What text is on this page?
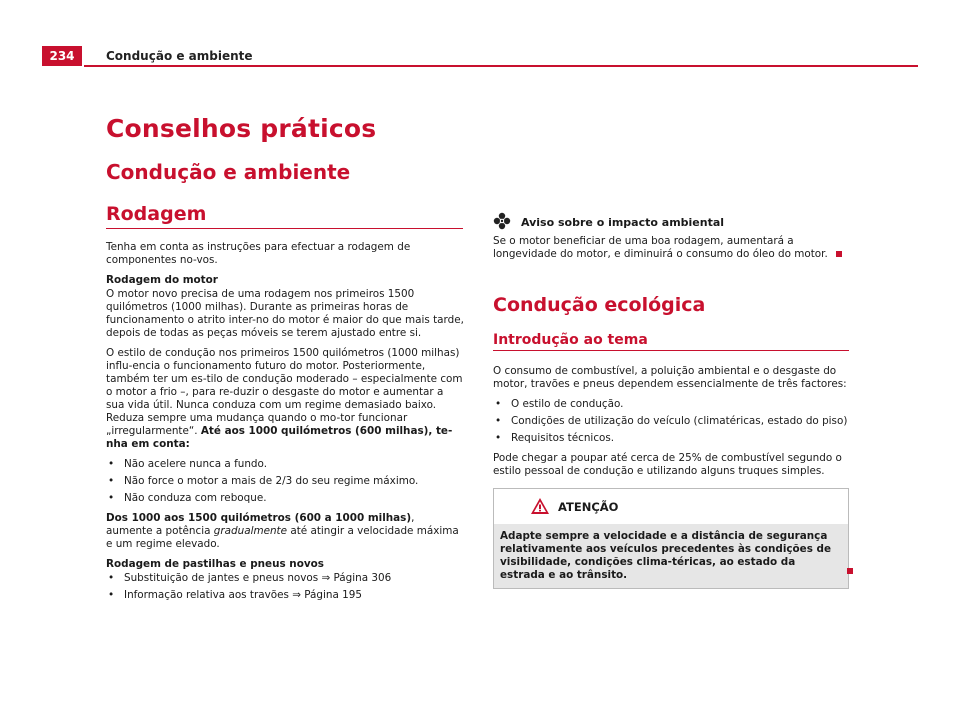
234	Condução e ambiente
Conselhos práticos
Condução e ambiente
Rodagem

Tenha em conta as instruções para efectuar a rodagem de componentes no-vos.

Rodagem do motor

O motor novo precisa de uma rodagem nos primeiros 1500 quilómetros (1000 milhas). Durante as primeiras horas de funcionamento o atrito inter-no do motor é maior do que mais tarde, depois de todas as peças móveis se terem ajustado entre si.

O estilo de condução nos primeiros 1500 quilómetros (1000 milhas) influ-encia o funcionamento futuro do motor. Posteriormente, também ter um es-tilo de condução moderado – especialmente com o motor a frio –, para re-duzir o desgaste do motor e aumentar a sua vida útil. Nunca conduza com um regime demasiado baixo. Reduza sempre uma mudança quando o mo-tor funcionar „irregularmente“. Até aos 1000 quilómetros (600 milhas), te-nha em conta:

• Não acelere nunca a fundo.
• Não force o motor a mais de 2/3 do seu regime máximo.
• Não conduza com reboque.

Dos 1000 aos 1500 quilómetros (600 a 1000 milhas), aumente a potência gradualmente até atingir a velocidade máxima e um regime elevado.

Rodagem de pastilhas e pneus novos

• Substituição de jantes e pneus novos ⇒ Página 306
• Informação relativa aos travões ⇒ Página 195
Aviso sobre o impacto ambiental

Se o motor beneficiar de uma boa rodagem, aumentará a longevidade do motor, e diminuirá o consumo do óleo do motor.

Condução ecológica
Introdução ao tema

O consumo de combustível, a poluição ambiental e o desgaste do motor, travões e pneus dependem essencialmente de três factores:

• O estilo de condução.
• Condições de utilização do veículo (climatéricas, estado do piso)
• Requisitos técnicos.

Pode chegar a poupar até cerca de 25% de combustível segundo o estilo pessoal de condução e utilizando alguns truques simples.

ATENÇÃO
Adapte sempre a velocidade e a distância de segurança relativamente aos veículos precedentes às condições de visibilidade, condições clima-téricas, ao estado da estrada e ao trânsito.
